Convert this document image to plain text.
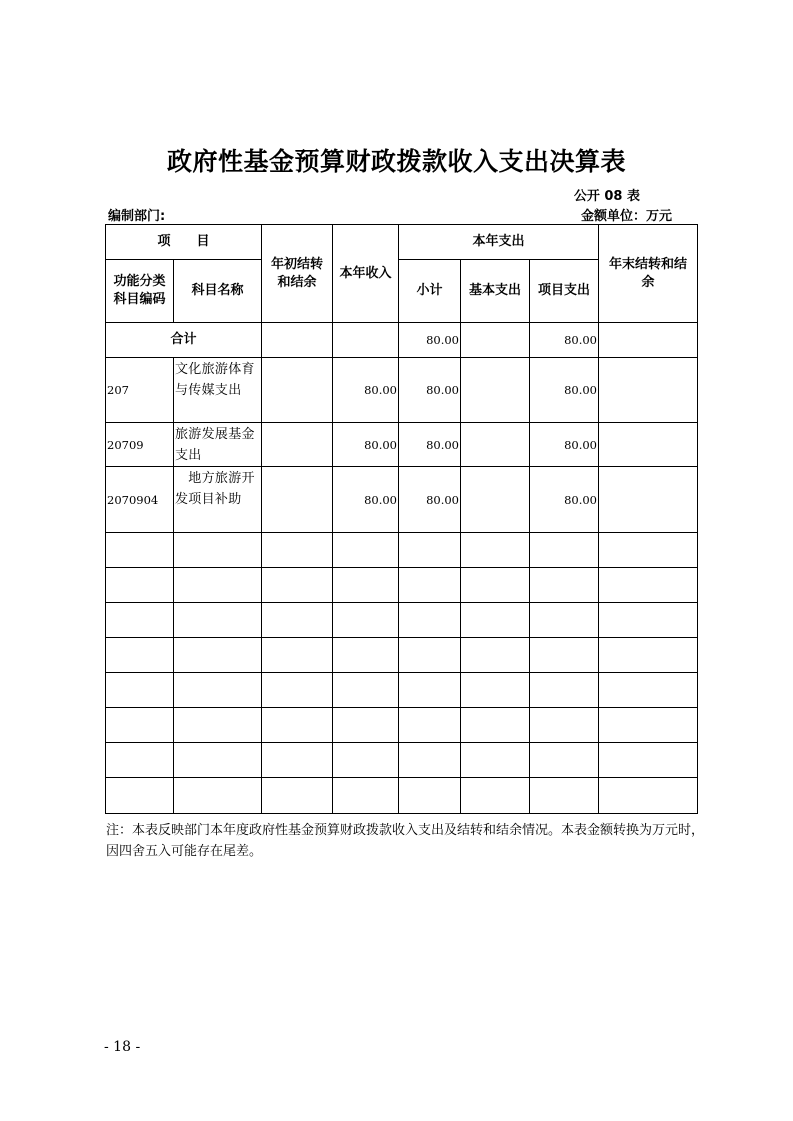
政府性基金预算财政拨款收入支出决算表
公开 08 表
编制部门:	金额单位：万元
项　　目		年初结转和结余	本年收入	本年支出			年末结转和结余
功能分类科目编码	科目名称			小计	基本支出	项目支出	
合计				80.00		80.00	
207	文化旅游体育与传媒支出		80.00	80.00		80.00	
20709	旅游发展基金支出		80.00	80.00		80.00	
2070904	　地方旅游开发项目补助		80.00	80.00		80.00	

注：本表反映部门本年度政府性基金预算财政拨款收入支出及结转和结余情况。本表金额转换为万元时，因四舍五入可能存在尾差。
- 18 -
